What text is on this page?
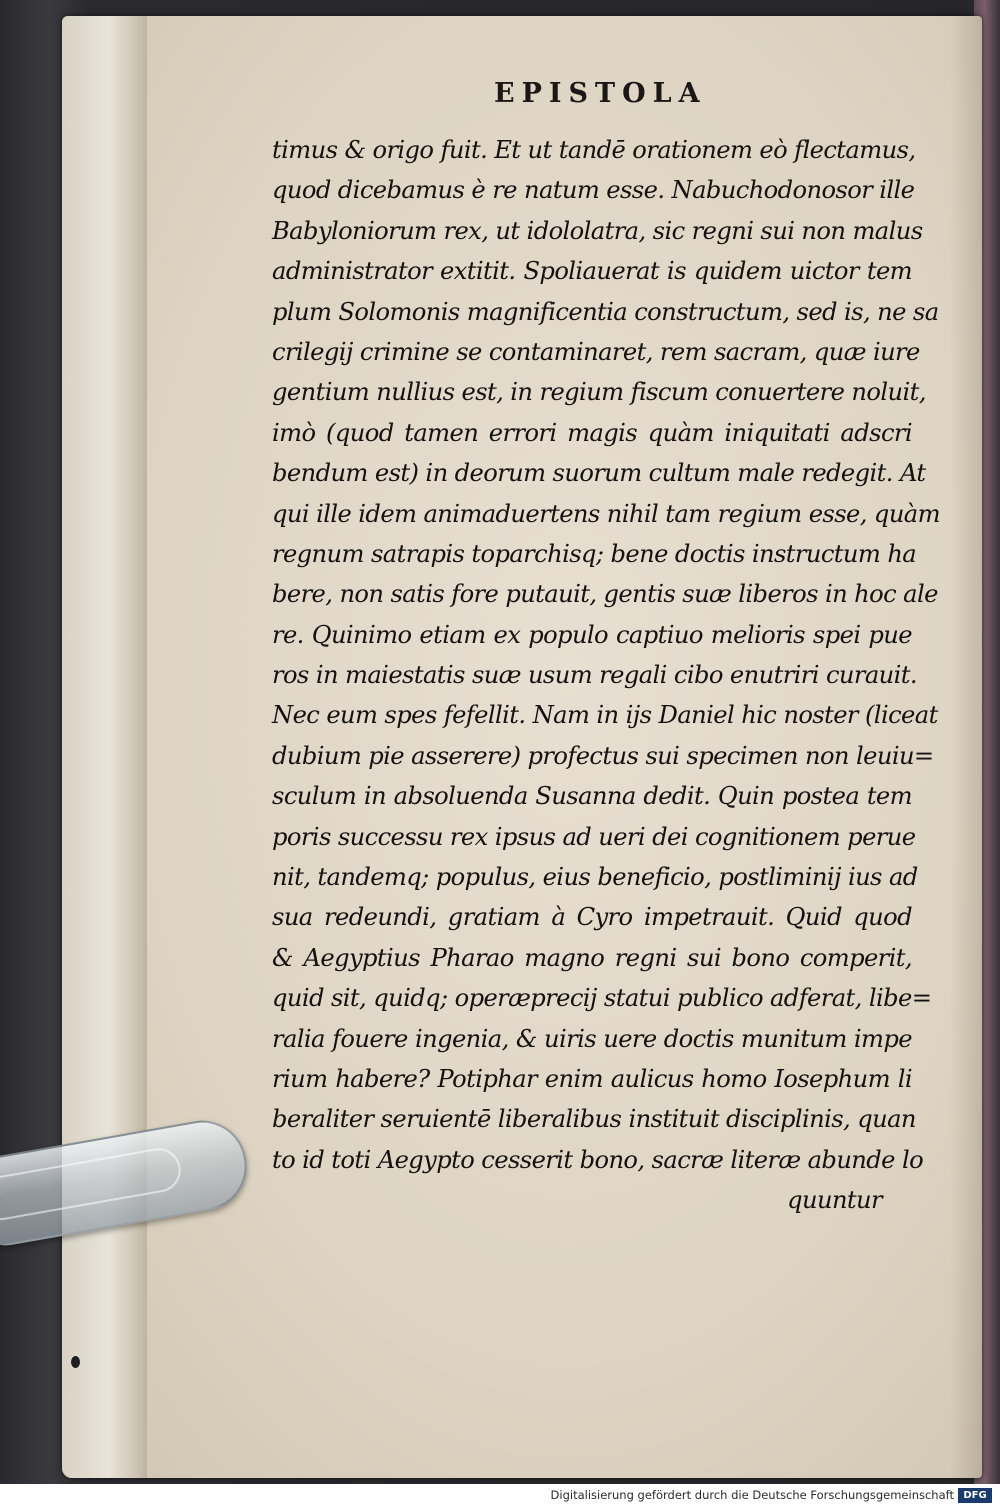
EPISTOLA
timus & origo fuit. Et ut tandē orationem eò flectamus,
quod dicebamus è re natum esse. Nabuchodonosor ille
Babyloniorum rex, ut idololatra, sic regni sui non malus
administrator extitit. Spoliauerat is quidem uictor tem
plum Solomonis magnificentia constructum, sed is, ne sa
crilegij crimine se contaminaret, rem sacram, quæ iure
gentium nullius est, in regium fiscum conuertere noluit,
imò (quod tamen errori magis quàm iniquitati adscri
bendum est) in deorum suorum cultum male redegit. At
qui ille idem animaduertens nihil tam regium esse, quàm
regnum satrapis toparchisq; bene doctis instructum ha
bere, non satis fore putauit, gentis suæ liberos in hoc ale
re. Quinimo etiam ex populo captiuo melioris spei pue
ros in maiestatis suæ usum regali cibo enutriri curauit.
Nec eum spes fefellit. Nam in ijs Daniel hic noster (liceat
dubium pie asserere) profectus sui specimen non leuiu=
sculum in absoluenda Susanna dedit. Quin postea tem
poris successu rex ipsus ad ueri dei cognitionem perue
nit, tandemq; populus, eius beneficio, postliminij ius ad
sua redeundi, gratiam à Cyro impetrauit. Quid quod
& Aegyptius Pharao magno regni sui bono comperit,
quid sit, quidq; operæprecij statui publico adferat, libe=
ralia fouere ingenia, & uiris uere doctis munitum impe
rium habere? Potiphar enim aulicus homo Iosephum li
beraliter seruientē liberalibus instituit disciplinis, quan
to id toti Aegypto cesserit bono, sacræ literæ abunde lo
quuntur
Digitalisierung gefördert durch die Deutsche Forschungsgemeinschaft DFG
